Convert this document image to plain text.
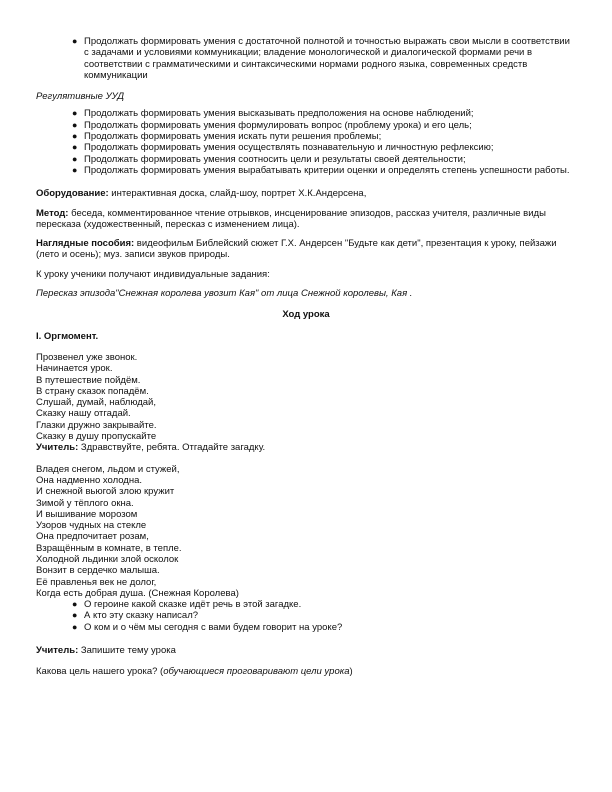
● Продолжать формировать умения с достаточной полнотой и точностью выражать свои мысли в соответствии с задачами и условиями коммуникации; владение монологической и диалогической формами речи в соответствии с грамматическими и синтаксическими нормами родного языка, современных средств коммуникации

Регулятивные УУД

● Продолжать формировать умения высказывать предположения на основе наблюдений;
● Продолжать формировать умения формулировать вопрос (проблему урока) и его цель;
● Продолжать формировать умения искать пути решения проблемы;
● Продолжать формировать умения осуществлять познавательную и личностную рефлексию;
● Продолжать формировать умения соотносить цели и результаты своей деятельности;
● Продолжать формировать умения вырабатывать критерии оценки и определять степень успешности работы.

Оборудование: интерактивная доска, слайд-шоу, портрет Х.К.Андерсена,

Метод: беседа, комментированное чтение отрывков, инсценирование эпизодов, рассказ учителя, различные виды пересказа (художественный, пересказ с изменением лица).

Наглядные пособия: видеофильм Библейский сюжет Г.Х. Андерсен "Будьте как дети", презентация к уроку, пейзажи (лето и осень); муз. записи звуков природы.

К уроку ученики получают индивидуальные задания:

Пересказ эпизода"Снежная королева увозит Кая" от лица Снежной королевы, Кая .

Ход урока

I. Оргмомент.

Прозвенел уже звонок.
Начинается урок.
В путешествие пойдём.
В страну сказок попадём.
Слушай, думай, наблюдай,
Сказку нашу отгадай.
Глазки дружно закрывайте.
Сказку в душу пропускайте

Учитель: Здравствуйте, ребята. Отгадайте загадку.

Владея снегом, льдом и стужей,
Она надменно холодна.
И снежной вьюгой злою кружит
Зимой у тёплого окна.
И вышивание морозом
Узоров чудных на стекле
Она предпочитает розам,
Взращённым в комнате, в тепле.
Холодной льдинки злой осколок
Вонзит в сердечко малыша.
Её правленья век не долог,
Когда есть добрая душа. (Снежная Королева)
● О героине какой сказке идёт речь в этой загадке.
● А кто эту сказку написал?
● О ком и о чём мы сегодня с вами будем говорит на уроке?

Учитель: Запишите тему урока

Какова цель нашего урока? (обучающиеся проговаривают цели урока)
